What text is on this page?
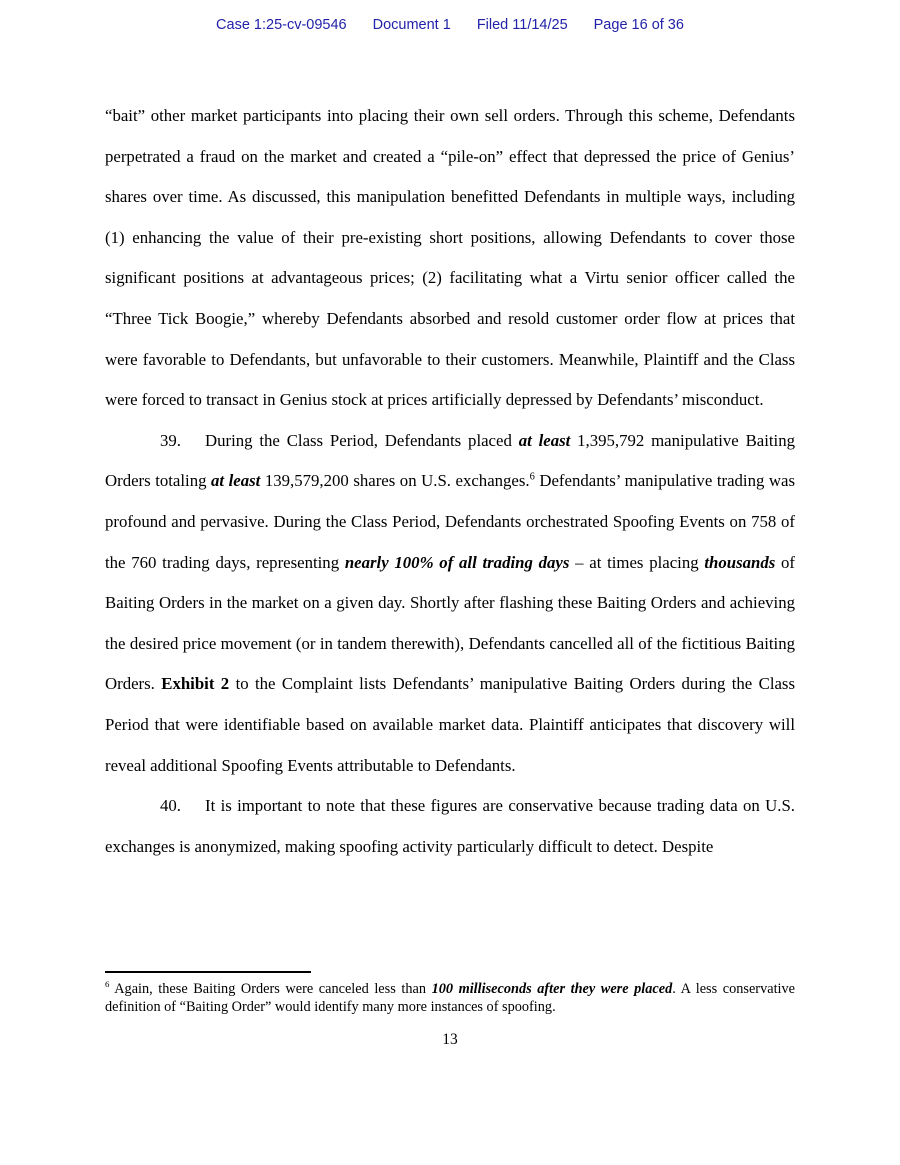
Case 1:25-cv-09546 Document 1 Filed 11/14/25 Page 16 of 36

“bait” other market participants into placing their own sell orders. Through this scheme, Defendants perpetrated a fraud on the market and created a “pile-on” effect that depressed the price of Genius’ shares over time. As discussed, this manipulation benefitted Defendants in multiple ways, including (1) enhancing the value of their pre-existing short positions, allowing Defendants to cover those significant positions at advantageous prices; (2) facilitating what a Virtu senior officer called the “Three Tick Boogie,” whereby Defendants absorbed and resold customer order flow at prices that were favorable to Defendants, but unfavorable to their customers. Meanwhile, Plaintiff and the Class were forced to transact in Genius stock at prices artificially depressed by Defendants’ misconduct.

39. During the Class Period, Defendants placed at least 1,395,792 manipulative Baiting Orders totaling at least 139,579,200 shares on U.S. exchanges.$^6$ Defendants’ manipulative trading was profound and pervasive. During the Class Period, Defendants orchestrated Spoofing Events on 758 of the 760 trading days, representing nearly 100% of all trading days – at times placing thousands of Baiting Orders in the market on a given day. Shortly after flashing these Baiting Orders and achieving the desired price movement (or in tandem therewith), Defendants cancelled all of the fictitious Baiting Orders. Exhibit 2 to the Complaint lists Defendants’ manipulative Baiting Orders during the Class Period that were identifiable based on available market data. Plaintiff anticipates that discovery will reveal additional Spoofing Events attributable to Defendants.

40. It is important to note that these figures are conservative because trading data on U.S. exchanges is anonymized, making spoofing activity particularly difficult to detect. Despite

$^6$ Again, these Baiting Orders were canceled less than 100 milliseconds after they were placed. A less conservative definition of “Baiting Order” would identify many more instances of spoofing.

13
